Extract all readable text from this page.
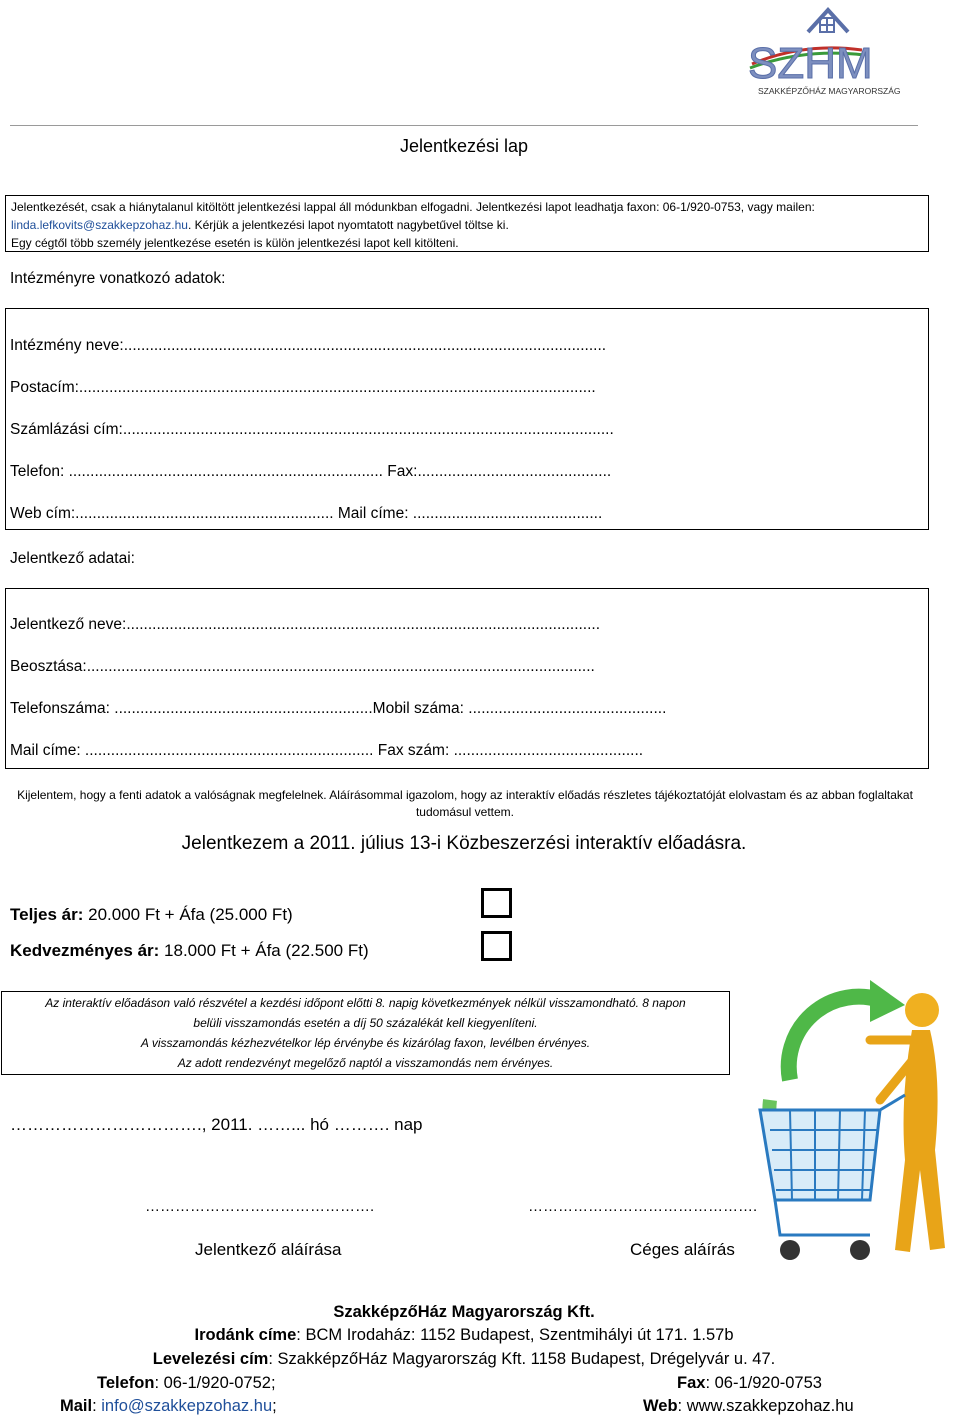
SZHM
SZAKKÉPZŐHÁZ MAGYARORSZÁG
Jelentkezési lap
Jelentkezését, csak a hiánytalanul kitöltött jelentkezési lappal áll módunkban elfogadni. Jelentkezési lapot leadhatja faxon: 06-1/920-0753, vagy mailen:
linda.lefkovits@szakkepzohaz.hu. Kérjük a jelentkezési lapot nyomtatott nagybetűvel töltse ki.
Egy cégtől több személy jelentkezése esetén is külön jelentkezési lapot kell kitölteni.
Intézményre vonatkozó adatok:
Intézmény neve:................................................................................................................
Postacím:........................................................................................................................
Számlázási cím:..................................................................................................................
Telefon: ......................................................................... Fax:.............................................
Web cím:............................................................ Mail címe: ............................................
Jelentkező adatai:
Jelentkező neve:..............................................................................................................
Beosztása:......................................................................................................................
Telefonszáma: ............................................................Mobil száma: ..............................................
Mail címe: ................................................................... Fax szám: ............................................
Kijelentem, hogy a fenti adatok a valóságnak megfelelnek. Aláírásommal igazolom, hogy az interaktív előadás részletes tájékoztatóját elolvastam és az abban foglaltakat tudomásul vettem.
Jelentkezem a 2011. július 13-i Közbeszerzési interaktív előadásra.
Teljes ár: 20.000 Ft + Áfa (25.000 Ft)
Kedvezményes ár: 18.000 Ft + Áfa (22.500 Ft)
Az interaktív előadáson való részvétel a kezdési időpont előtti 8. napig következmények nélkül visszamondható. 8 napon
belüli visszamondás esetén a díj 50 százalékát kell kiegyenlíteni.
A visszamondás kézhezvételkor lép érvénybe és kizárólag faxon, levélben érvényes.
Az adott rendezvényt megelőző naptól a visszamondás nem érvényes.
……………………………., 2011. ……... hó ………. nap
……………………………………….	……………………………………….
Jelentkező aláírása	Céges aláírás
SzakképzőHáz Magyarország Kft.
Irodánk címe: BCM Irodaház: 1152 Budapest, Szentmihályi út 171. 1.57b
Levelezési cím: SzakképzőHáz Magyarország Kft. 1158 Budapest, Drégelyvár u. 47.
Telefon: 06-1/920-0752;	Fax: 06-1/920-0753
Mail: info@szakkepzohaz.hu;	Web: www.szakkepzohaz.hu
